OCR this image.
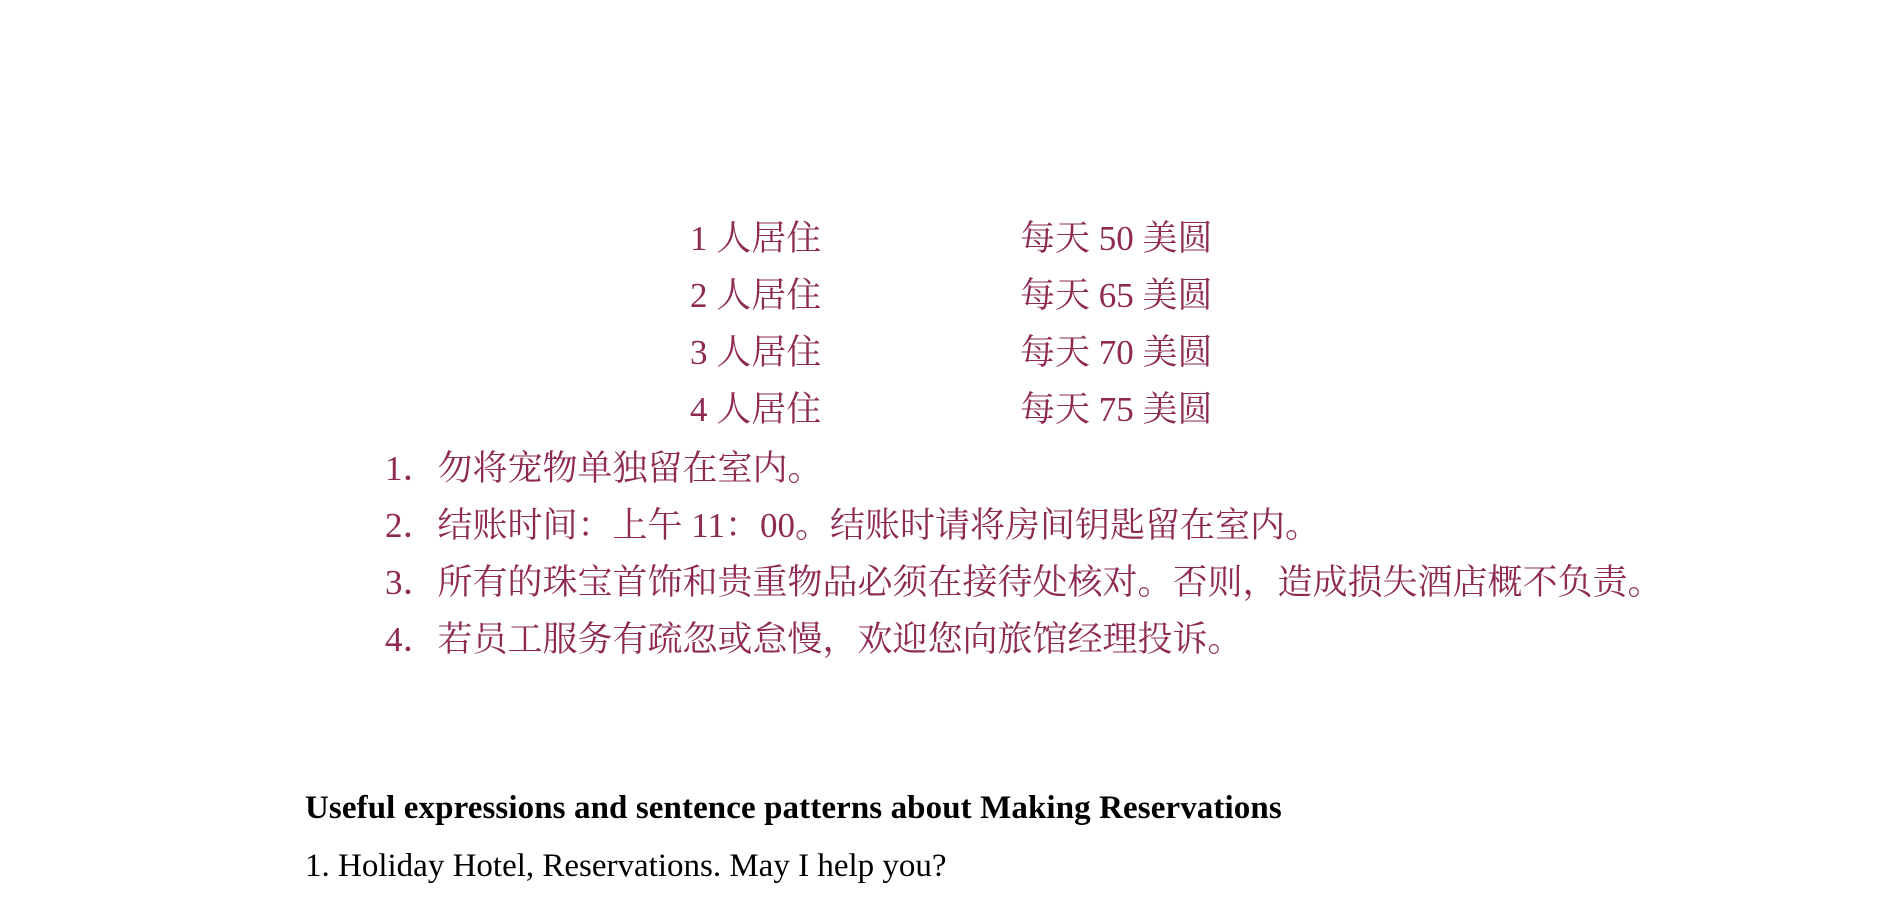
1 人居住	每天 50 美圆
2 人居住	每天 65 美圆
3 人居住	每天 70 美圆
4 人居住	每天 75 美圆

1．勿将宠物单独留在室内。

2．结账时间：上午 11：00。结账时请将房间钥匙留在室内。

3．所有的珠宝首饰和贵重物品必须在接待处核对。否则，造成损失酒店概不负责。

4．若员工服务有疏忽或怠慢，欢迎您向旅馆经理投诉。

Useful expressions and sentence patterns about Making Reservations
1. Holiday Hotel, Reservations. May I help you?
